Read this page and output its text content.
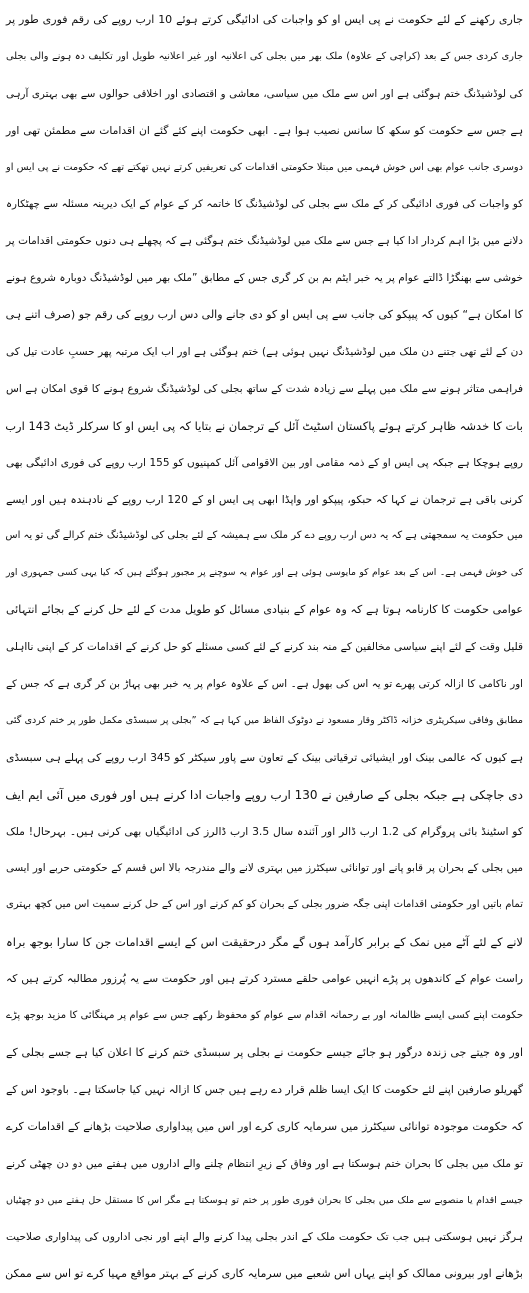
جاری رکھنے کے لئے حکومت نے پی ایس او کو واجبات کی ادائیگی کرتے ہوئے 10 ارب روپے کی رقم فوری طور پر
جاری کردی جس کے بعد (کراچی کے علاوہ) ملک بھر میں بجلی کی اعلانیہ اور غیر اعلانیہ طویل اور تکلیف دہ ہونے والی بجلی
کی لوڈشیڈنگ ختم ہوگئی ہے اور اس سے ملک میں سیاسی، معاشی و اقتصادی اور اخلاقی حوالوں سے بھی بہتری آرہی
ہے جس سے حکومت کو سکھ کا سانس نصیب ہوا ہے۔ ابھی حکومت اپنے کئے گئے ان اقدامات سے مطمئن تھی اور
دوسری جانب عوام بھی اس خوش فہمی میں مبتلا حکومتی اقدامات کی تعریفیں کرتے نہیں تھکتے تھے کہ حکومت نے پی ایس او
کو واجبات کی فوری ادائیگی کر کے ملک سے بجلی کی لوڈشیڈنگ کا خاتمہ کر کے عوام کے ایک دیرینہ مسئلہ سے چھٹکارہ
دلانے میں بڑا اہم کردار ادا کیا ہے جس سے ملک میں لوڈشیڈنگ ختم ہوگئی ہے کہ پچھلے ہی دنوں حکومتی اقدامات پر
خوشی سے بھنگڑا ڈالتے عوام پر یہ خبر ایٹم بم بن کر گری جس کے مطابق ”ملک بھر میں لوڈشیڈنگ دوبارہ شروع ہونے
کا امکان ہے“ کیوں کہ پیپکو کی جانب سے پی ایس او کو دی جانے والی دس ارب روپے کی رقم جو (صرف اتنے ہی
دن کے لئے تھی جتنے دن ملک میں لوڈشیڈنگ نہیں ہوئی ہے) ختم ہوگئی ہے اور اب ایک مرتبہ پھر حسبِ عادت تیل کی
فراہمی متاثر ہونے سے ملک میں پہلے سے زیادہ شدت کے ساتھ بجلی کی لوڈشیڈنگ شروع ہونے کا قوی امکان ہے اس
بات کا خدشہ ظاہر کرتے ہوئے پاکستان اسٹیٹ آئل کے ترجمان نے بتایا کہ پی ایس او کا سرکلر ڈیٹ 143 ارب
روپے ہوچکا ہے جبکہ پی ایس او کے ذمہ مقامی اور بین الاقوامی آئل کمپنیوں کو 155 ارب روپے کی فوری ادائیگی بھی
کرنی باقی ہے ترجمان نے کہا کہ حبکو، پیپکو اور واپڈا ابھی پی ایس او کے 120 ارب روپے کے نادہندہ ہیں اور ایسے
میں حکومت یہ سمجھتی ہے کہ یہ دس ارب روپے دے کر ملک سے ہمیشہ کے لئے بجلی کی لوڈشیڈنگ ختم کرالے گی تو یہ اس
کی خوش فہمی ہے۔ اس کے بعد عوام کو مایوسی ہوئی ہے اور عوام یہ سوچنے پر مجبور ہوگئے ہیں کہ کیا یہی کسی جمہوری اور
عوامی حکومت کا کارنامہ ہوتا ہے کہ وہ عوام کے بنیادی مسائل کو طویل مدت کے لئے حل کرنے کے بجائے انتہائی
قلیل وقت کے لئے اپنے سیاسی مخالفین کے منہ بند کرنے کے لئے کسی مسئلے کو حل کرنے کے اقدامات کر کے اپنی نااہلی
اور ناکامی کا ازالہ کرتی پھرے تو یہ اس کی بھول ہے۔ اس کے علاوہ عوام پر یہ خبر بھی پہاڑ بن کر گری ہے کہ جس کے
مطابق وفاقی سیکریٹری خزانہ ڈاکٹر وقار مسعود نے دوٹوک الفاظ میں کہا ہے کہ ”بجلی پر سبسڈی مکمل طور پر ختم کردی گئی
ہے کیوں کہ عالمی بینک اور ایشیائی ترقیاتی بینک کے تعاون سے پاور سیکٹر کو 345 ارب روپے کی پہلے ہی سبسڈی
دی جاچکی ہے جبکہ بجلی کے صارفین نے 130 ارب روپے واجبات ادا کرنے ہیں اور فوری میں آئی ایم ایف
کو اسٹینڈ بائی پروگرام کی 1.2 ارب ڈالر اور آئندہ سال 3.5 ارب ڈالرز کی ادائیگیاں بھی کرنی ہیں۔ بہرحال! ملک
میں بجلی کے بحران پر قابو پانے اور توانائی سیکٹرز میں بہتری لانے والے مندرجہ بالا اس قسم کے حکومتی حربے اور ایسی
تمام باتیں اور حکومتی اقدامات اپنی جگہ ضرور بجلی کے بحران کو کم کرنے اور اس کے حل کرنے سمیت اس میں کچھ بہتری
لانے کے لئے آٹے میں نمک کے برابر کارآمد ہوں گے مگر درحقیقت اس کے ایسے اقدامات جن کا سارا بوجھ براہ
راست عوام کے کاندھوں پر پڑے انہیں عوامی حلقے مسترد کرتے ہیں اور حکومت سے یہ پُرزور مطالبہ کرتے ہیں کہ
حکومت اپنے کسی ایسے ظالمانہ اور بے رحمانہ اقدام سے عوام کو محفوظ رکھے جس سے عوام پر مہنگائی کا مزید بوجھ پڑے
اور وہ جیتے جی زندہ درگور ہو جائے جیسے حکومت نے بجلی پر سبسڈی ختم کرنے کا اعلان کیا ہے جسے بجلی کے
گھریلو صارفین اپنے لئے حکومت کا ایک ایسا ظلم قرار دے رہے ہیں جس کا ازالہ نہیں کیا جاسکتا ہے۔ باوجود اس کے
کہ حکومت موجودہ توانائی سیکٹرز میں سرمایہ کاری کرے اور اس میں پیداواری صلاحیت بڑھانے کے اقدامات کرے
تو ملک میں بجلی کا بحران ختم ہوسکتا ہے اور وفاق کے زیرِ انتظام چلنے والے اداروں میں ہفتے میں دو دن چھٹی کرنے
جیسے اقدام یا منصوبے سے ملک میں بجلی کا بحران فوری طور پر ختم تو ہوسکتا ہے مگر اس کا مستقل حل ہفتے میں دو چھٹیاں
ہرگز نہیں ہوسکتی ہیں جب تک حکومت ملک کے اندر بجلی پیدا کرنے والے اپنے اور نجی اداروں کی پیداواری صلاحیت
بڑھانے اور بیرونی ممالک کو اپنے یہاں اس شعبے میں سرمایہ کاری کرنے کے بہتر مواقع مہیا کرے تو اس سے ممکن
